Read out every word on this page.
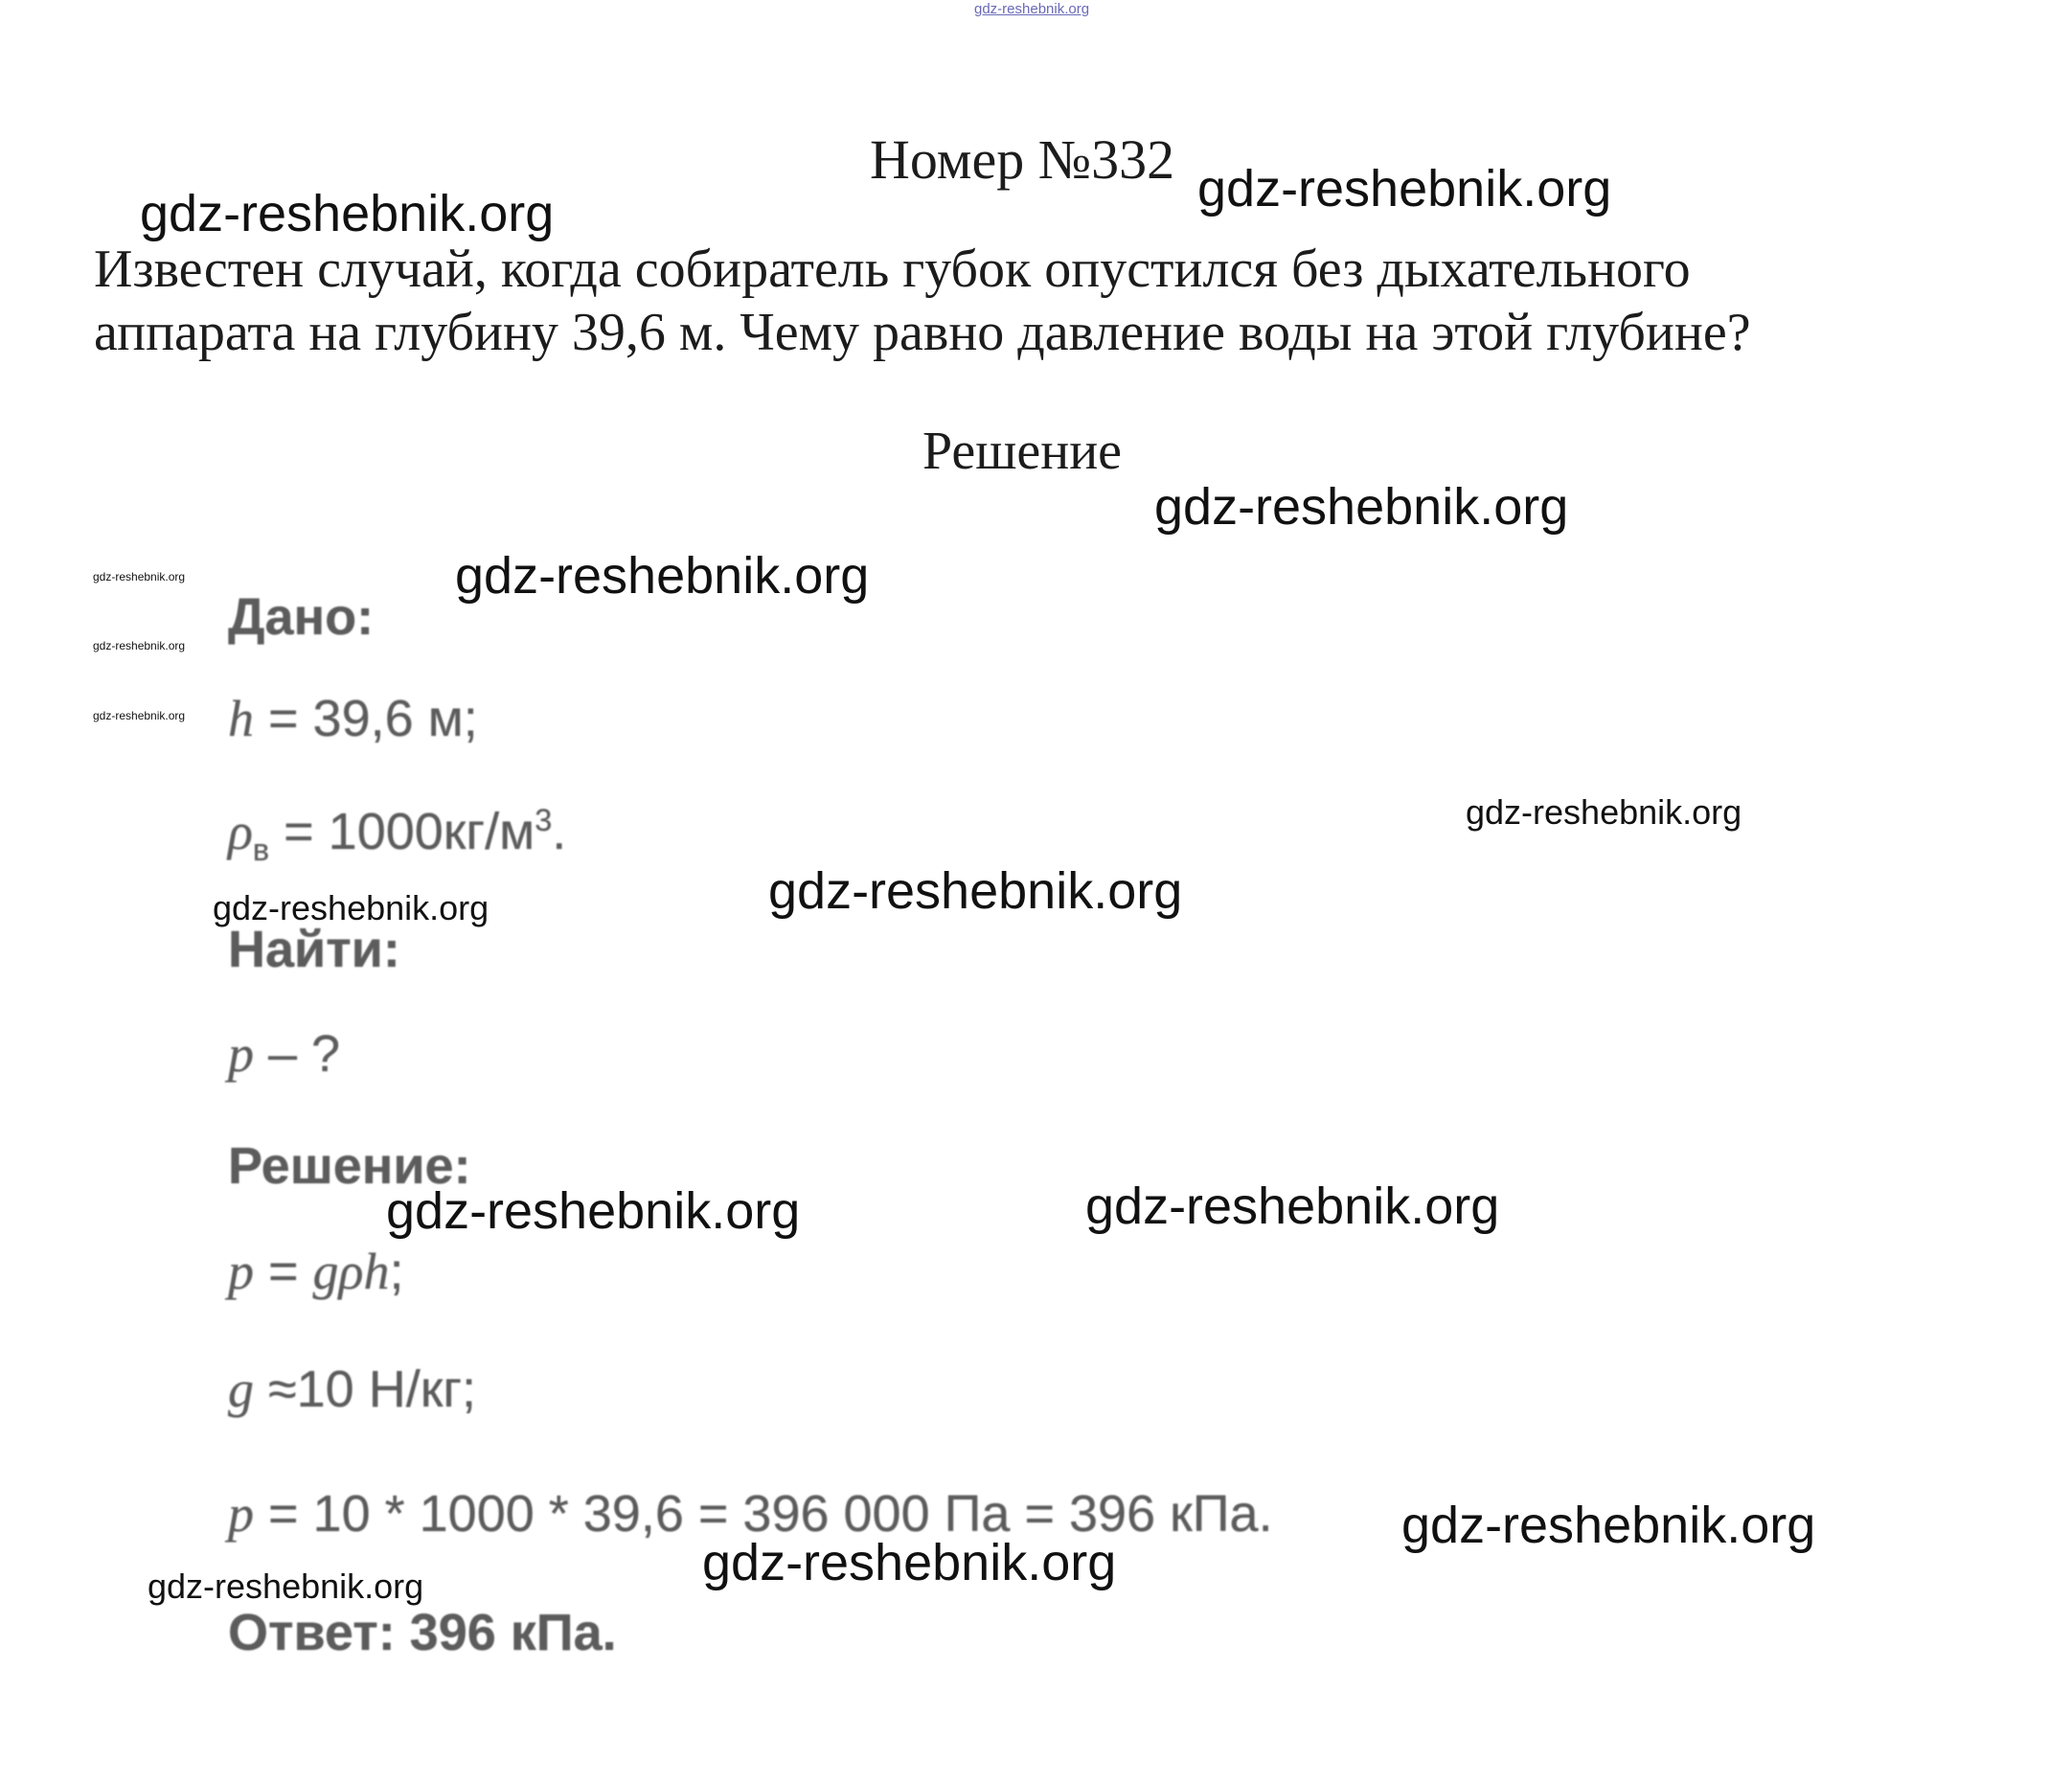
gdz-reshebnik.org
Номер №332
Известен случай, когда собиратель губок опустился без дыхательного
аппарата на глубину 39,6 м. Чему равно давление воды на этой глубине?
Решение
Дано:
h = 39,6 м;
$\rho_в = 1000кг/м^3$.
Найти:
p – ?
Решение:
p = gρh;
g ≈10 Н/кг;
p = 10 * 1000 * 39,6 = 396 000 Па = 396 кПа.
Ответ: 396 кПа.
gdz-reshebnik.org	gdz-reshebnik.org
gdz-reshebnik.org
gdz-reshebnik.org
gdz-reshebnik.org
gdz-reshebnik.org
gdz-reshebnik.org
gdz-reshebnik.org
gdz-reshebnik.org
gdz-reshebnik.org
gdz-reshebnik.org
gdz-reshebnik.org
gdz-reshebnik.org
gdz-reshebnik.org
gdz-reshebnik.org
